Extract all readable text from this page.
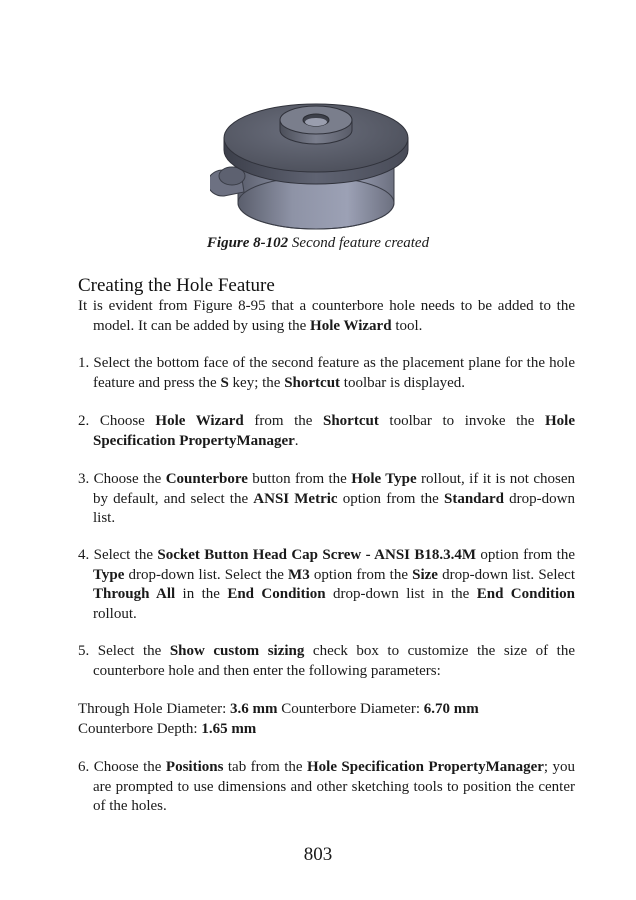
Figure 8-102 Second feature created
Creating the Hole Feature

It is evident from Figure 8-95 that a counterbore hole needs to be added to the model. It can be added by using the Hole Wizard tool.

1. Select the bottom face of the second feature as the placement plane for the hole feature and press the S key; the Shortcut toolbar is displayed.

2. Choose Hole Wizard from the Shortcut toolbar to invoke the Hole Specification PropertyManager.

3. Choose the Counterbore button from the Hole Type rollout, if it is not chosen by default, and select the ANSI Metric option from the Standard drop-down list.

4. Select the Socket Button Head Cap Screw - ANSI B18.3.4M option from the Type drop-down list. Select the M3 option from the Size drop-down list. Select Through All in the End Condition drop-down list in the End Condition rollout.

5. Select the Show custom sizing check box to customize the size of the counterbore hole and then enter the following parameters:

Through Hole Diameter: 3.6 mm Counterbore Diameter: 6.70 mm
Counterbore Depth: 1.65 mm

6. Choose the Positions tab from the Hole Specification PropertyManager; you are prompted to use dimensions and other sketching tools to position the center of the holes.

803
